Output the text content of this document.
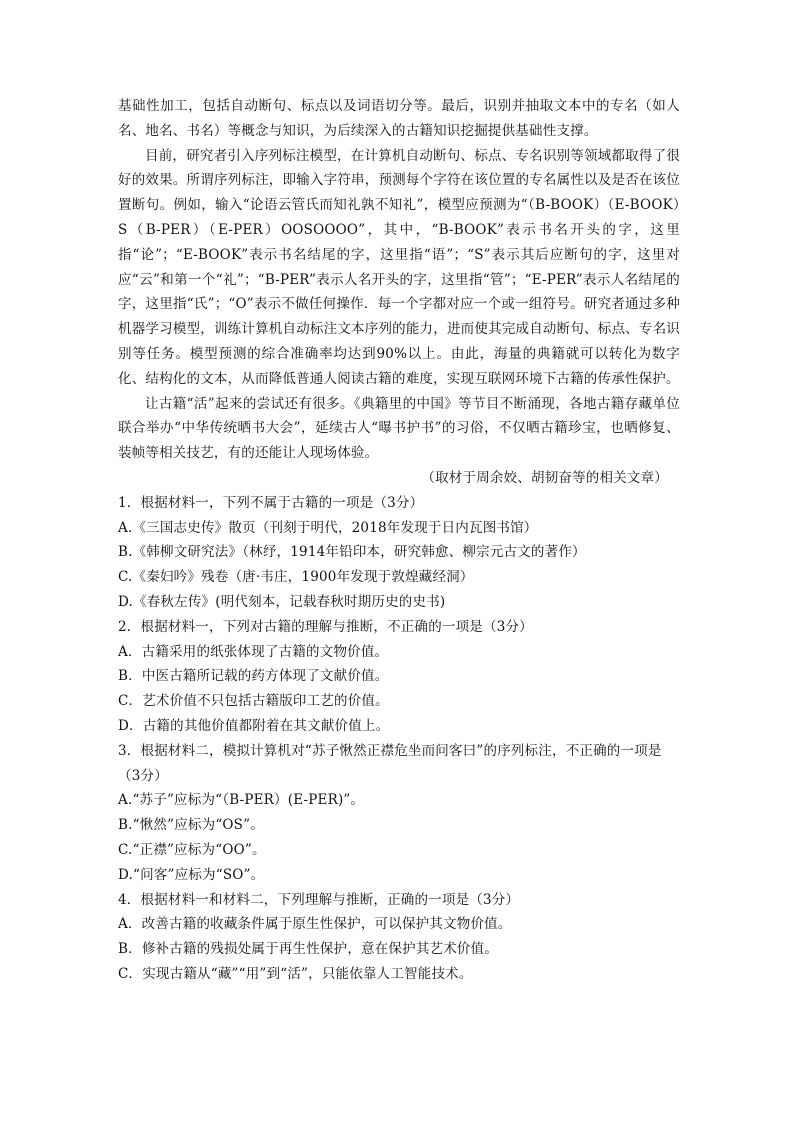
基础性加工，包括自动断句、标点以及词语切分等。最后，识别并抽取文本中的专名（如人名、地名、书名）等概念与知识，为后续深入的古籍知识挖掘提供基础性支撑。

目前，研究者引入序列标注模型，在计算机自动断句、标点、专名识别等领域都取得了很好的效果。所谓序列标注，即输入字符串，预测每个字符在该位置的专名属性以及是否在该位置断句。例如，输入“论语云管氏而知礼孰不知礼”，模型应预测为“（B-BOOK）（E-BOOK）S（B-PER）（E-PER）OOSOOOO”，其中，“B-BOOK”表示书名开头的字，这里指“论”；“E-BOOK”表示书名结尾的字，这里指“语”；“S”表示其后应断句的字，这里对应“云”和第一个“礼”；“B-PER”表示人名开头的字，这里指“管”；“E-PER”表示人名结尾的字，这里指“氏”；“O”表示不做任何操作．每一个字都对应一个或一组符号。研究者通过多种机器学习模型，训练计算机自动标注文本序列的能力，进而使其完成自动断句、标点、专名识别等任务。模型预测的综合准确率均达到90%以上。由此，海量的典籍就可以转化为数字化、结构化的文本，从而降低普通人阅读古籍的难度，实现互联网环境下古籍的传承性保护。

让古籍“活”起来的尝试还有很多。《典籍里的中国》等节目不断涌现，各地古籍存藏单位联合举办“中华传统晒书大会”，延续古人“曝书护书”的习俗，不仅晒古籍珍宝，也晒修复、装帧等相关技艺，有的还能让人现场体验。

（取材于周余姣、胡韧奋等的相关文章）

1．根据材料一，下列不属于古籍的一项是（3分）

A.《三国志史传》散页（刊刻于明代，2018年发现于日内瓦图书馆）

B.《韩柳文研究法》（林纾，1914年铅印本，研究韩愈、柳宗元古文的著作）

C.《秦妇吟》残卷（唐·韦庄，1900年发现于敦煌藏经洞）

D.《春秋左传》(明代刻本，记载春秋时期历史的史书)

2．根据材料一，下列对古籍的理解与推断，不正确的一项是（3分）

A．古籍采用的纸张体现了古籍的文物价值。

B．中医古籍所记载的药方体现了文献价值。

C．艺术价值不只包括古籍版印工艺的价值。

D．古籍的其他价值都附着在其文献价值上。

3．根据材料二，模拟计算机对“苏子愀然正襟危坐而问客曰”的序列标注，不正确的一项是（3分）

A.“苏子”应标为“（B-PER）(E-PER)”。

B.“愀然”应标为“OS”。

C.“正襟”应标为“OO”。

D.“问客”应标为“SO”。

4．根据材料一和材料二，下列理解与推断，正确的一项是（3分）

A．改善古籍的收藏条件属于原生性保护，可以保护其文物价值。

B．修补古籍的残损处属于再生性保护，意在保护其艺术价值。

C．实现古籍从“藏”“用”到“活”，只能依靠人工智能技术。
